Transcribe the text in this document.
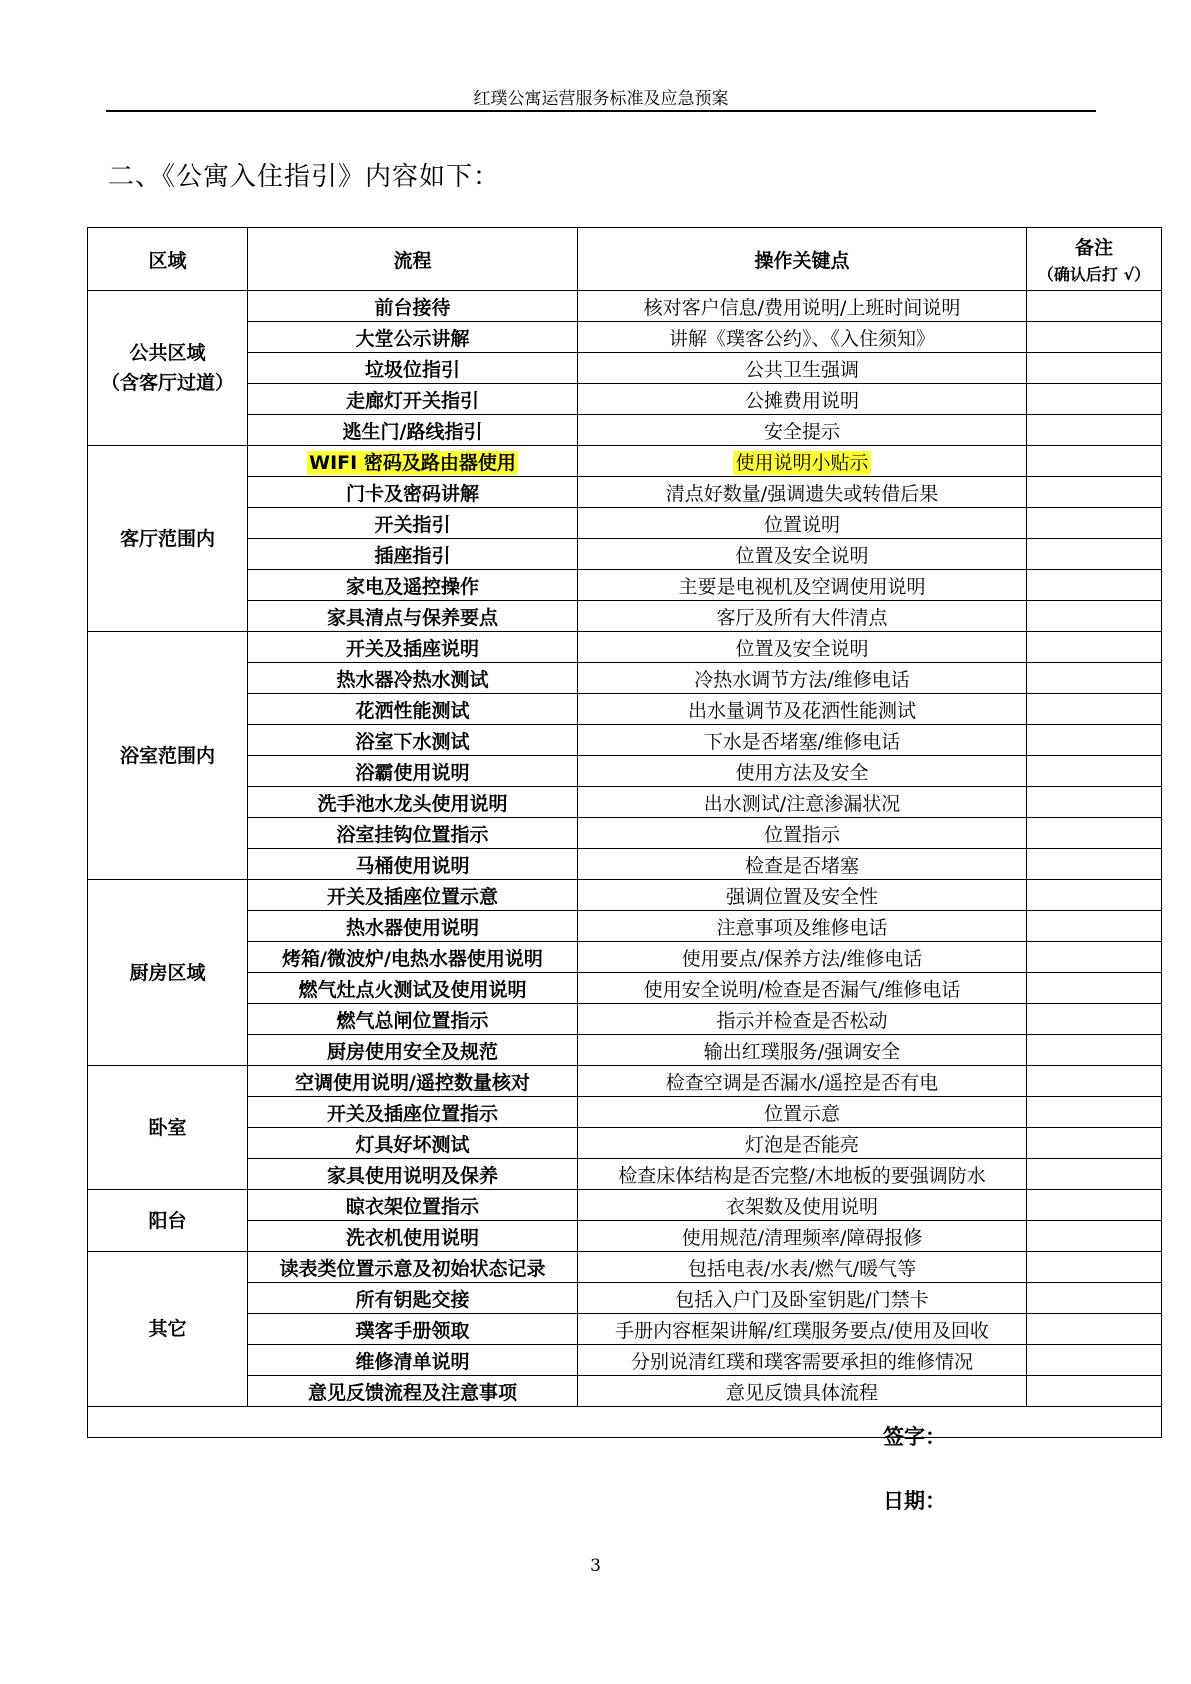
红璞公寓运营服务标准及应急预案
二、《公寓入住指引》内容如下：
区域	流程	操作关键点	备注
（确认后打 √）

公共区域
（含客厅过道）	前台接待	核对客户信息/费用说明/上班时间说明	
	大堂公示讲解	讲解《璞客公约》、《入住须知》	
	垃圾位指引	公共卫生强调	
	走廊灯开关指引	公摊费用说明	
	逃生门/路线指引	安全提示	
客厅范围内	WIFI 密码及路由器使用	使用说明小贴示	
	门卡及密码讲解	清点好数量/强调遗失或转借后果	
	开关指引	位置说明	
	插座指引	位置及安全说明	
	家电及遥控操作	主要是电视机及空调使用说明	
	家具清点与保养要点	客厅及所有大件清点	
浴室范围内	开关及插座说明	位置及安全说明	
	热水器冷热水测试	冷热水调节方法/维修电话	
	花洒性能测试	出水量调节及花洒性能测试	
	浴室下水测试	下水是否堵塞/维修电话	
	浴霸使用说明	使用方法及安全	
	洗手池水龙头使用说明	出水测试/注意渗漏状况	
	浴室挂钩位置指示	位置指示	
	马桶使用说明	检查是否堵塞	
厨房区域	开关及插座位置示意	强调位置及安全性	
	热水器使用说明	注意事项及维修电话	
	烤箱/微波炉/电热水器使用说明	使用要点/保养方法/维修电话	
	燃气灶点火测试及使用说明	使用安全说明/检查是否漏气/维修电话	
	燃气总闸位置指示	指示并检查是否松动	
	厨房使用安全及规范	输出红璞服务/强调安全	
卧室	空调使用说明/遥控数量核对	检查空调是否漏水/遥控是否有电	
	开关及插座位置指示	位置示意	
	灯具好坏测试	灯泡是否能亮	
	家具使用说明及保养	检查床体结构是否完整/木地板的要强调防水	
阳台	晾衣架位置指示	衣架数及使用说明	
	洗衣机使用说明	使用规范/清理频率/障碍报修	
其它	读表类位置示意及初始状态记录	包括电表/水表/燃气/暖气等	
	所有钥匙交接	包括入户门及卧室钥匙/门禁卡	
	璞客手册领取	手册内容框架讲解/红璞服务要点/使用及回收	
	维修清单说明	分别说清红璞和璞客需要承担的维修情况	
	意见反馈流程及注意事项	意见反馈具体流程	

签字：
日期：			
3
